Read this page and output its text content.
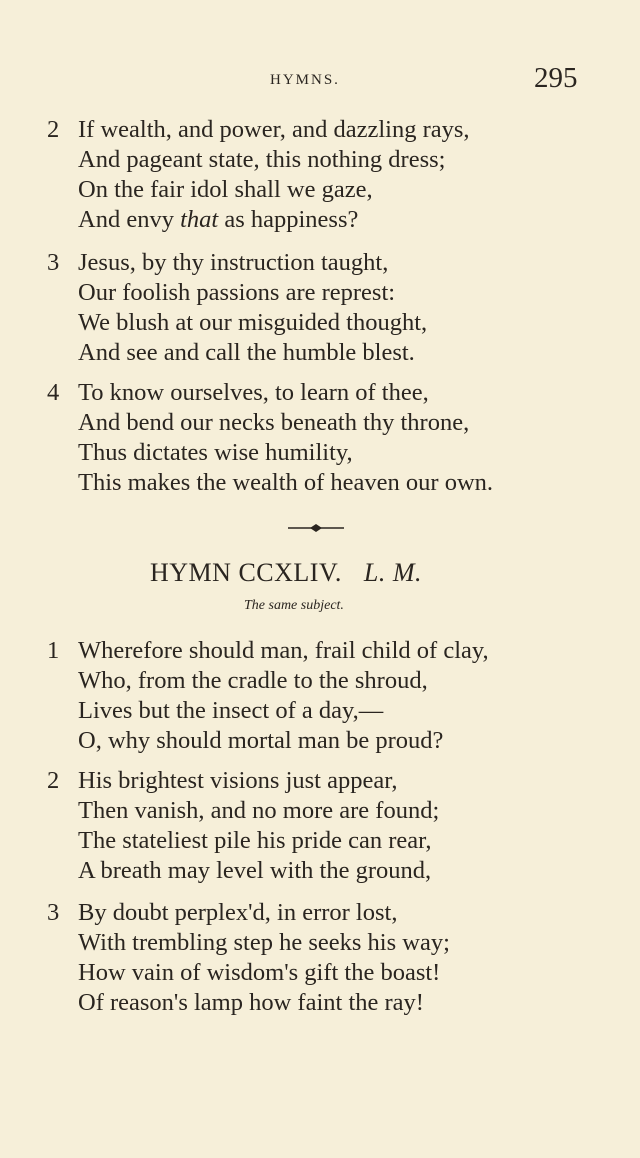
HYMNS.	295
2 If wealth, and power, and dazzling rays,
And pageant state, this nothing dress;
On the fair idol shall we gaze,
And envy that as happiness?
3 Jesus, by thy instruction taught,
Our foolish passions are represt:
We blush at our misguided thought,
And see and call the humble blest.
4 To know ourselves, to learn of thee,
And bend our necks beneath thy throne,
Thus dictates wise humility,
This makes the wealth of heaven our own.
HYMN CCXLIV. L. M.
The same subject.
1 Wherefore should man, frail child of clay,
Who, from the cradle to the shroud,
Lives but the insect of a day,—
O, why should mortal man be proud?
2 His brightest visions just appear,
Then vanish, and no more are found;
The stateliest pile his pride can rear,
A breath may level with the ground,
3 By doubt perplex'd, in error lost,
With trembling step he seeks his way;
How vain of wisdom's gift the boast!
Of reason's lamp how faint the ray!
